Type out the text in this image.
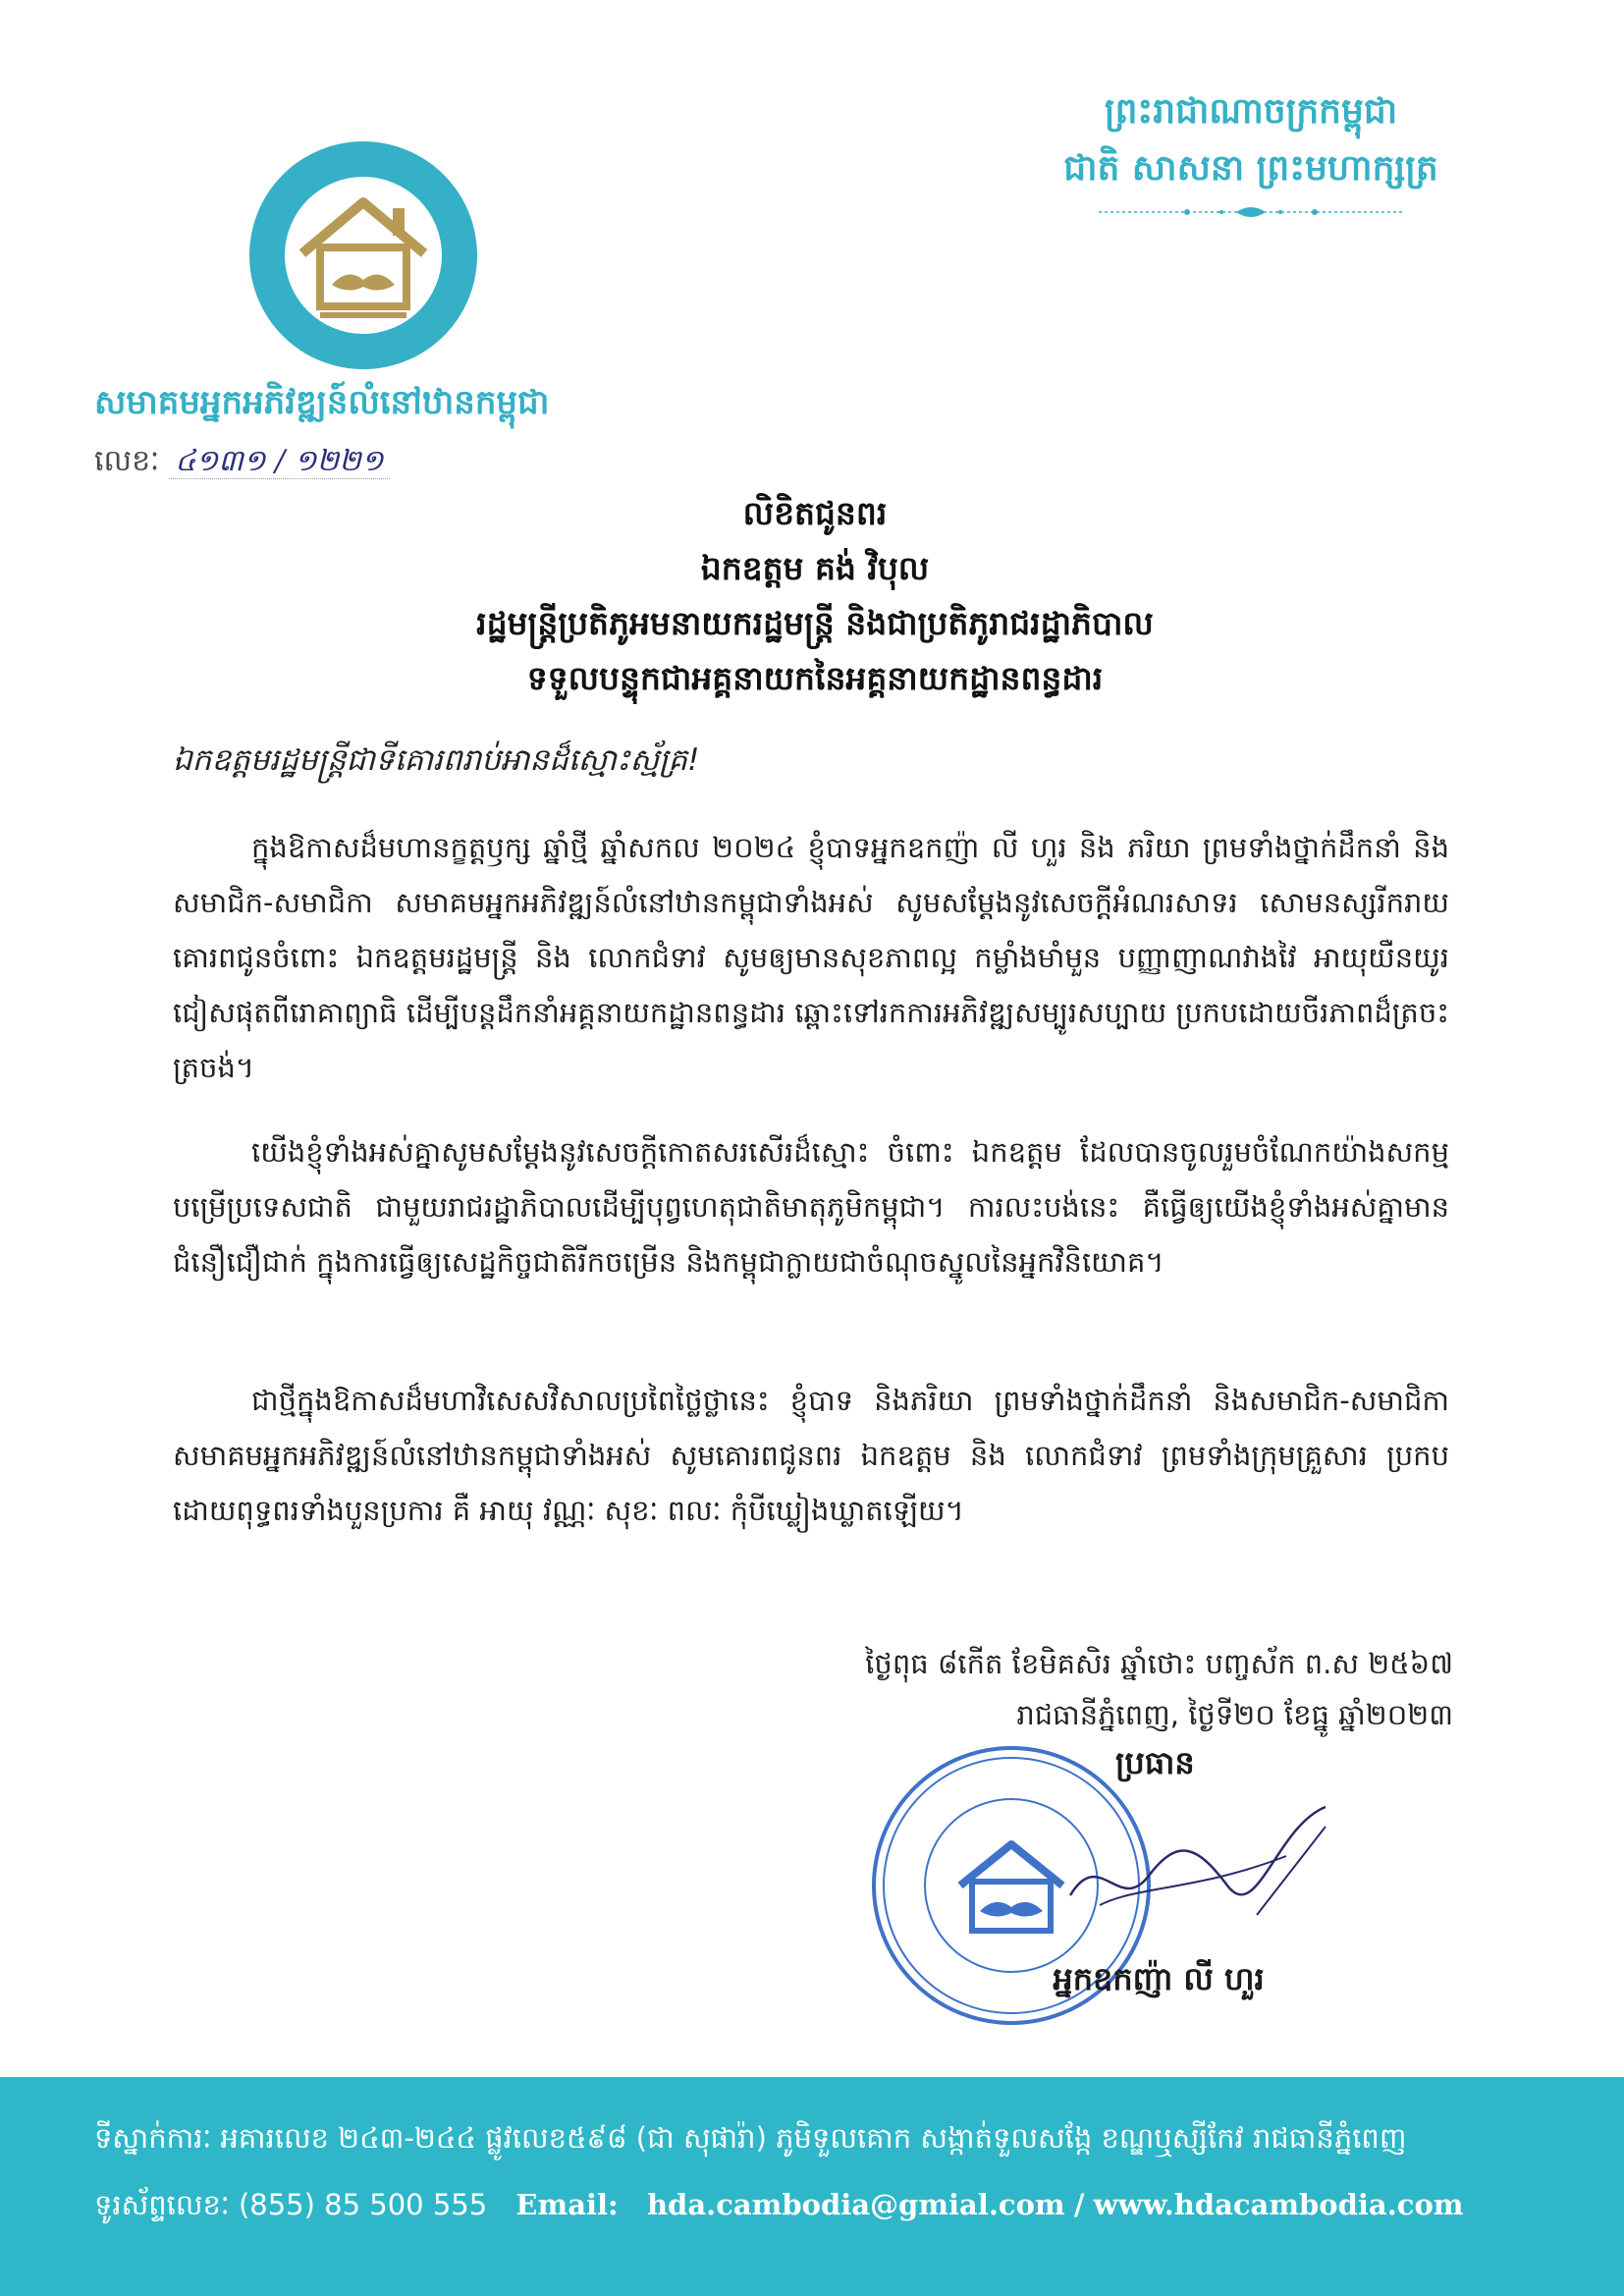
ព្រះរាជាណាចក្រកម្ពុជា
ជាតិ សាសនា ព្រះមហាក្សត្រ
សមាគមអ្នកអភិវឌ្ឍន៍លំនៅឋានកម្ពុជា
លេខៈ ៤១៣១ / ១២២១
លិខិតជូនពរ
ឯកឧត្តម គង់ វិបុល
រដ្ឋមន្រ្តីប្រតិភូអមនាយករដ្ឋមន្ត្រី និងជាប្រតិភូរាជរដ្ឋាភិបាល
ទទួលបន្ទុកជាអគ្គនាយកនៃអគ្គនាយកដ្ឋានពន្ធដារ
ឯកឧត្តមរដ្ឋមន្រ្តីជាទីគោរពរាប់អានដ៏ស្មោះស្ម័គ្រ!
ក្នុងឱកាសដ៏មហានក្ខត្តឫក្ស ឆ្នាំថ្មី ឆ្នាំសកល ២០២៤ ខ្ញុំបាទអ្នកឧកញ៉ា លី ហួរ និង ភរិយា ព្រមទាំងថ្នាក់ដឹកនាំ និងសមាជិក-សមាជិកា សមាគមអ្នកអភិវឌ្ឍន៍លំនៅឋានកម្ពុជាទាំងអស់ សូមសម្តែងនូវសេចក្តីអំណរសាទរ សោមនស្សរីករាយ គោរពជូនចំពោះ ឯកឧត្តមរដ្ឋមន្រ្តី និង លោកជំទាវ សូមឲ្យមានសុខភាពល្អ កម្លាំងមាំមួន បញ្ញាញាណវាងវៃ អាយុយឺនយូរ ជៀសផុតពីរោគាព្យាធិ ដើម្បីបន្តដឹកនាំអគ្គនាយកដ្ឋានពន្ធដារ ឆ្ពោះទៅរកការអភិវឌ្ឍសម្បូរសប្បាយ ប្រកបដោយចីរភាពដ៏ត្រចះត្រចង់។
យើងខ្ញុំទាំងអស់គ្នាសូមសម្តែងនូវសេចក្តីកោតសរសើរដ៏ស្មោះ ចំពោះ ឯកឧត្តម ដែលបានចូលរួមចំណែកយ៉ាងសកម្មបម្រើប្រទេសជាតិ ជាមួយរាជរដ្ឋាភិបាលដើម្បីបុព្វហេតុជាតិមាតុភូមិកម្ពុជា។ ការលះបង់នេះ គឺធ្វើឲ្យយើងខ្ញុំទាំងអស់គ្នាមានជំនឿជឿជាក់ ក្នុងការធ្វើឲ្យសេដ្ឋកិច្ចជាតិរីកចម្រើន និងកម្ពុជាក្លាយជាចំណុចស្នូលនៃអ្នកវិនិយោគ។
ជាថ្មីក្នុងឱកាសដ៏មហាវិសេសវិសាលប្រពៃថ្លៃថ្លានេះ ខ្ញុំបាទ និងភរិយា ព្រមទាំងថ្នាក់ដឹកនាំ និងសមាជិក-សមាជិកា សមាគមអ្នកអភិវឌ្ឍន៍លំនៅឋានកម្ពុជាទាំងអស់ សូមគោរពជូនពរ ឯកឧត្តម និង លោកជំទាវ ព្រមទាំងក្រុមគ្រួសារ ប្រកបដោយពុទ្ធពរទាំងបួនប្រការ គឺ អាយុ វណ្ណៈ សុខៈ ពលៈ កុំបីឃ្លៀងឃ្លាតឡើយ។
ថ្ងៃពុធ ៨កើត ខែមិគសិរ ឆ្នាំថោះ បញ្ចស័ក ព.ស ២៥៦៧
រាជធានីភ្នំពេញ, ថ្ងៃទី២០ ខែធ្នូ ឆ្នាំ២០២៣
ប្រធាន
អ្នកឧកញ៉ា លី ហួរ
ទីស្នាក់ការៈ អគារលេខ ២៤៣-២៤៤ ផ្លូវលេខ៥៩៨ (ជា សុផារ៉ា) ភូមិទួលគោក សង្កាត់ទួលសង្កែ ខណ្ឌឬស្សីកែវ រាជធានីភ្នំពេញ
ទូរស័ព្ទលេខៈ (855) 85 500 555 Email: hda.cambodia@gmial.com / www.hdacambodia.com
